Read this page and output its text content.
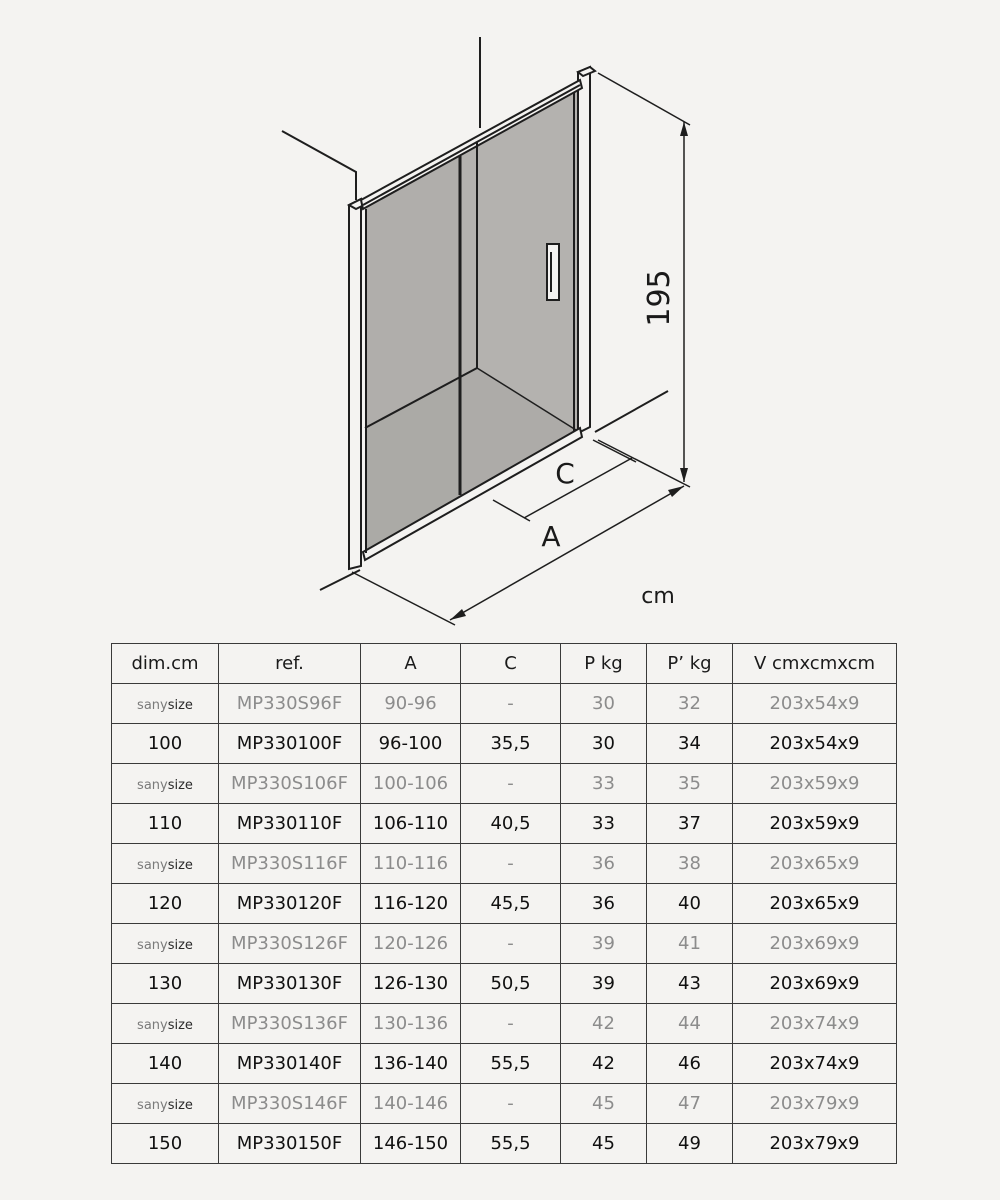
195
C
A
cm
dim.cm	ref.	A	C	P kg	P’ kg	V cmxcmxcm
sanysize	MP330S96F	90-96	-	30	32	203x54x9
100	MP330100F	96-100	35,5	30	34	203x54x9
sanysize	MP330S106F	100-106	-	33	35	203x59x9
110	MP330110F	106-110	40,5	33	37	203x59x9
sanysize	MP330S116F	110-116	-	36	38	203x65x9
120	MP330120F	116-120	45,5	36	40	203x65x9
sanysize	MP330S126F	120-126	-	39	41	203x69x9
130	MP330130F	126-130	50,5	39	43	203x69x9
sanysize	MP330S136F	130-136	-	42	44	203x74x9
140	MP330140F	136-140	55,5	42	46	203x74x9
sanysize	MP330S146F	140-146	-	45	47	203x79x9
150	MP330150F	146-150	55,5	45	49	203x79x9
